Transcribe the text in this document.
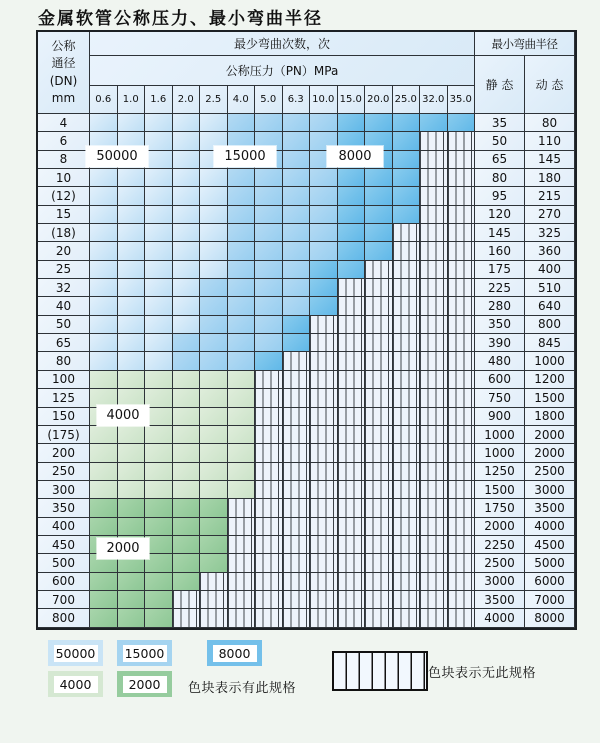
金属软管公称压力、最小弯曲半径
公称
通径
(DN)
mm
最少弯曲次数，次	最小弯曲半径
公称压力（PN）MPa
静 态	动 态
0.6	1.0	1.6	2.0	2.5	4.0	5.0	6.3 10.0 15.0 20.0 25.0 32.0 35.0
4	35	80
6	50	110
8	65	145
10	80	180
(12)	95	215
15	120	270
(18)	145	325
20	160	360
25	175	400
32	225	510
40	280	640
50	350	800
65	390	845
80	480	1000
100	600	1200
125	750	1500
150	900	1800
(175)	1000	2000
200	1000	2000
250	1250	2500
300	1500	3000
350	1750	3500
400	2000	4000
450	2250	4500
500	2500	5000
600	3000	6000
700	3500	7000
800	4000	8000
50000	15000	8000
4000
2000
50000 15000	8000
4000	2000	色块表示有此规格
色块表示无此规格
